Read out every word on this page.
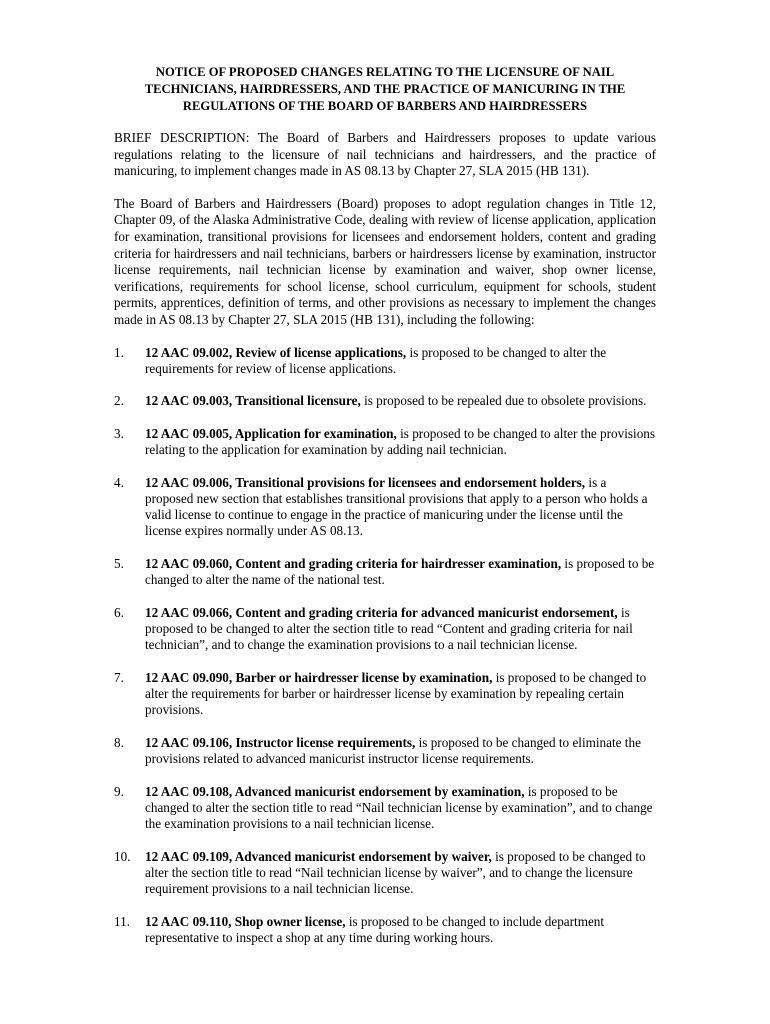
NOTICE OF PROPOSED CHANGES RELATING TO THE LICENSURE OF NAIL
TECHNICIANS, HAIRDRESSERS, AND THE PRACTICE OF MANICURING IN THE
REGULATIONS OF THE BOARD OF BARBERS AND HAIRDRESSERS

BRIEF DESCRIPTION: The Board of Barbers and Hairdressers proposes to update various regulations relating to the licensure of nail technicians and hairdressers, and the practice of manicuring, to implement changes made in AS 08.13 by Chapter 27, SLA 2015 (HB 131).

The Board of Barbers and Hairdressers (Board) proposes to adopt regulation changes in Title 12, Chapter 09, of the Alaska Administrative Code, dealing with review of license application, application for examination, transitional provisions for licensees and endorsement holders, content and grading criteria for hairdressers and nail technicians, barbers or hairdressers license by examination, instructor license requirements, nail technician license by examination and waiver, shop owner license, verifications, requirements for school license, school curriculum, equipment for schools, student permits, apprentices, definition of terms, and other provisions as necessary to implement the changes made in AS 08.13 by Chapter 27, SLA 2015 (HB 131), including the following:

1.	12 AAC 09.002, Review of license applications, is proposed to be changed to alter the requirements for review of license applications.
2.	12 AAC 09.003, Transitional licensure, is proposed to be repealed due to obsolete provisions.
3.	12 AAC 09.005, Application for examination, is proposed to be changed to alter the provisions relating to the application for examination by adding nail technician.
4.	12 AAC 09.006, Transitional provisions for licensees and endorsement holders, is a proposed new section that establishes transitional provisions that apply to a person who holds a valid license to continue to engage in the practice of manicuring under the license until the license expires normally under AS 08.13.
5.	12 AAC 09.060, Content and grading criteria for hairdresser examination, is proposed to be changed to alter the name of the national test.
6.	12 AAC 09.066, Content and grading criteria for advanced manicurist endorsement, is proposed to be changed to alter the section title to read “Content and grading criteria for nail technician”, and to change the examination provisions to a nail technician license.
7.	12 AAC 09.090, Barber or hairdresser license by examination, is proposed to be changed to alter the requirements for barber or hairdresser license by examination by repealing certain provisions.
8.	12 AAC 09.106, Instructor license requirements, is proposed to be changed to eliminate the provisions related to advanced manicurist instructor license requirements.
9.	12 AAC 09.108, Advanced manicurist endorsement by examination, is proposed to be changed to alter the section title to read “Nail technician license by examination”, and to change the examination provisions to a nail technician license.
10.	12 AAC 09.109, Advanced manicurist endorsement by waiver, is proposed to be changed to alter the section title to read “Nail technician license by waiver”, and to change the licensure requirement provisions to a nail technician license.
11.	12 AAC 09.110, Shop owner license, is proposed to be changed to include department representative to inspect a shop at any time during working hours.
